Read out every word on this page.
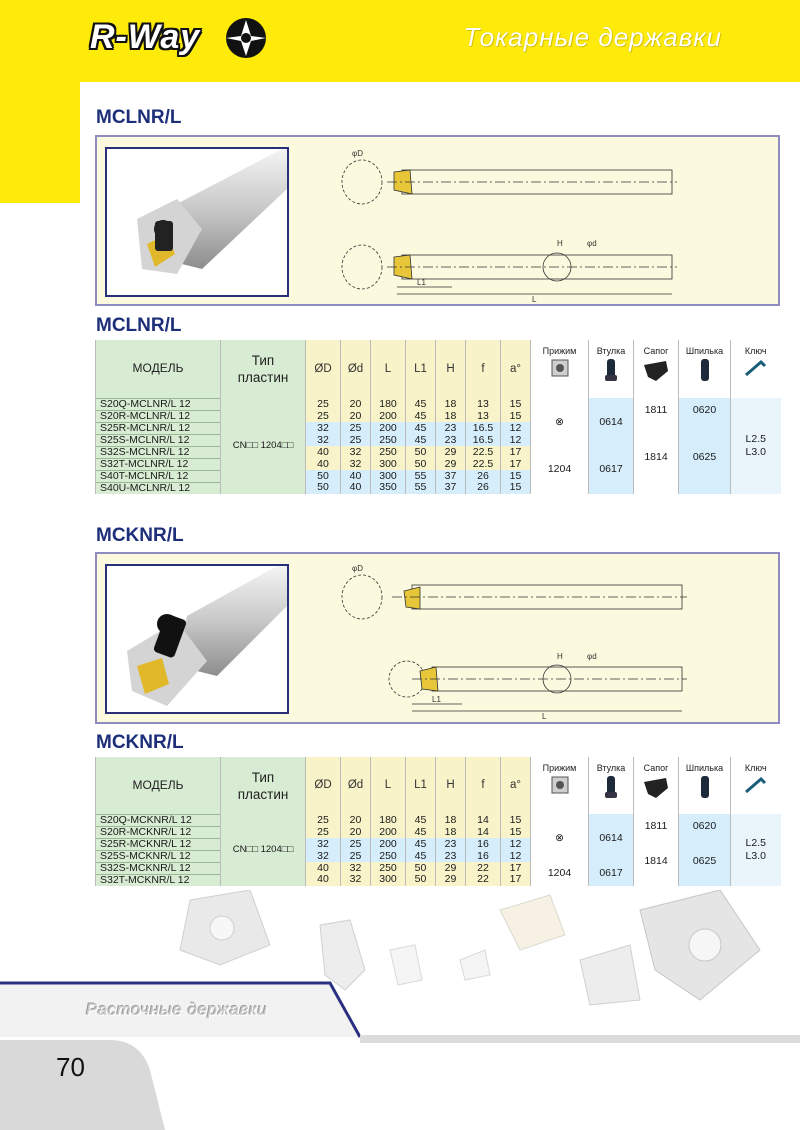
R-Way	Токарные державки
MCLNR/L
φD
φd
H
L
L1
MCLNR/L
МОДЕЛЬ	Тип
пластин	ØD	Ød	L	L1	H	f	a°	Прижим	Втулка	Сапог	Шпилька	Ключ

S20Q-MCLNR/L 12	CN□□ 1204□□	25	20	180	45	18	13	15	⊗	0614	1811	0620	L2.5
L3.0
S20R-MCLNR/L 12		25	20	200	45	18	13	15					
S25R-MCLNR/L 12		32	25	200	45	23	16.5	12			1814	0625	
S25S-MCLNR/L 12		32	25	250	45	23	16.5	12					
S32S-MCLNR/L 12		40	32	250	50	29	22.5	17	1204	0617			
S32T-MCLNR/L 12		40	32	300	50	29	22.5	17					
S40T-MCLNR/L 12		50	40	300	55	37	26	15					
S40U-MCLNR/L 12		50	40	350	55	37	26	15					
MCKNR/L
φD
φd
H
L
L1
MCKNR/L
МОДЕЛЬ	Тип
пластин	ØD	Ød	L	L1	H	f	a°	Прижим	Втулка	Сапог	Шпилька	Ключ

S20Q-MCKNR/L 12	CN□□ 1204□□	25	20	180	45	18	14	15	⊗	0614	1811	0620	L2.5
L3.0
S20R-MCKNR/L 12		25	20	200	45	18	14	15					
S25R-MCKNR/L 12		32	25	200	45	23	16	12			1814	0625	
S25S-MCKNR/L 12		32	25	250	45	23	16	12					
S32S-MCKNR/L 12		40	32	250	50	29	22	17	1204	0617			
S32T-MCKNR/L 12		40	32	300	50	29	22	17					
Расточные державки
70
